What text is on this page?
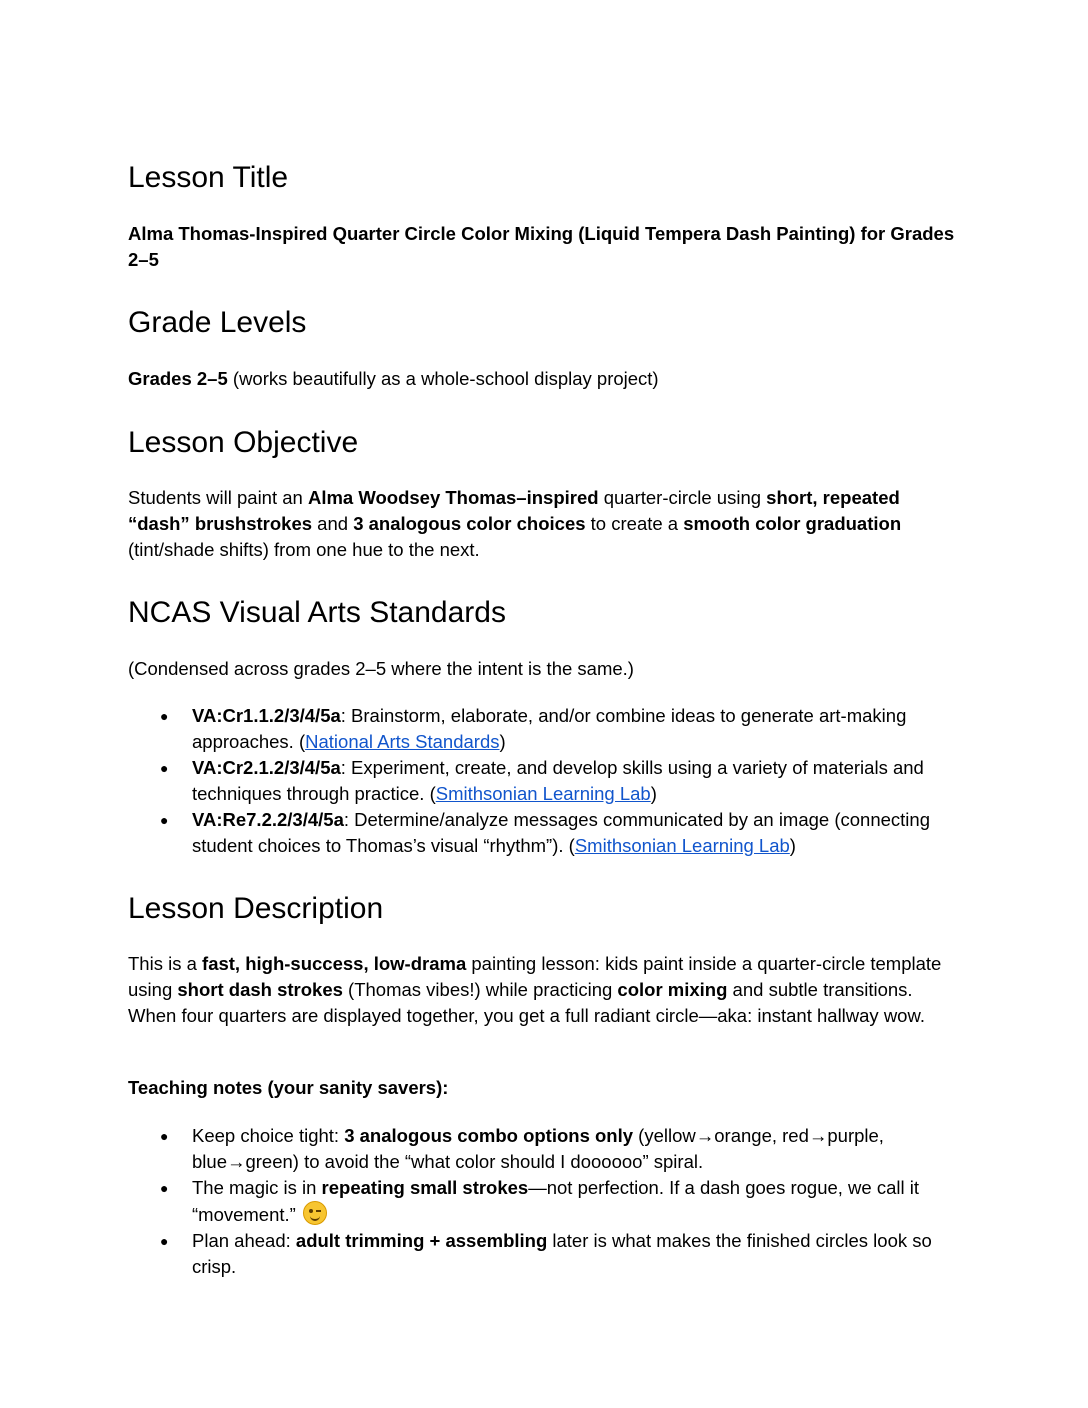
Lesson Title

Alma Thomas-Inspired Quarter Circle Color Mixing (Liquid Tempera Dash Painting) for Grades 2–5

Grade Levels

Grades 2–5 (works beautifully as a whole-school display project)

Lesson Objective

Students will paint an Alma Woodsey Thomas–inspired quarter-circle using short, repeated “dash” brushstrokes and 3 analogous color choices to create a smooth color graduation (tint/shade shifts) from one hue to the next.

NCAS Visual Arts Standards

(Condensed across grades 2–5 where the intent is the same.)

● VA:Cr1.1.2/3/4/5a: Brainstorm, elaborate, and/or combine ideas to generate art-making approaches. (National Arts Standards)
● VA:Cr2.1.2/3/4/5a: Experiment, create, and develop skills using a variety of materials and techniques through practice. (Smithsonian Learning Lab)
● VA:Re7.2.2/3/4/5a: Determine/analyze messages communicated by an image (connecting student choices to Thomas’s visual “rhythm”). (Smithsonian Learning Lab)
Lesson Description

This is a fast, high-success, low-drama painting lesson: kids paint inside a quarter-circle template using short dash strokes (Thomas vibes!) while practicing color mixing and subtle transitions. When four quarters are displayed together, you get a full radiant circle—aka: instant hallway wow.

Teaching notes (your sanity savers):

● Keep choice tight: 3 analogous combo options only (yellow→orange, red→purple, blue→green) to avoid the “what color should I doooooo” spiral.
● The magic is in repeating small strokes—not perfection. If a dash goes rogue, we call it “movement.”
● Plan ahead: adult trimming + assembling later is what makes the finished circles look so crisp.
